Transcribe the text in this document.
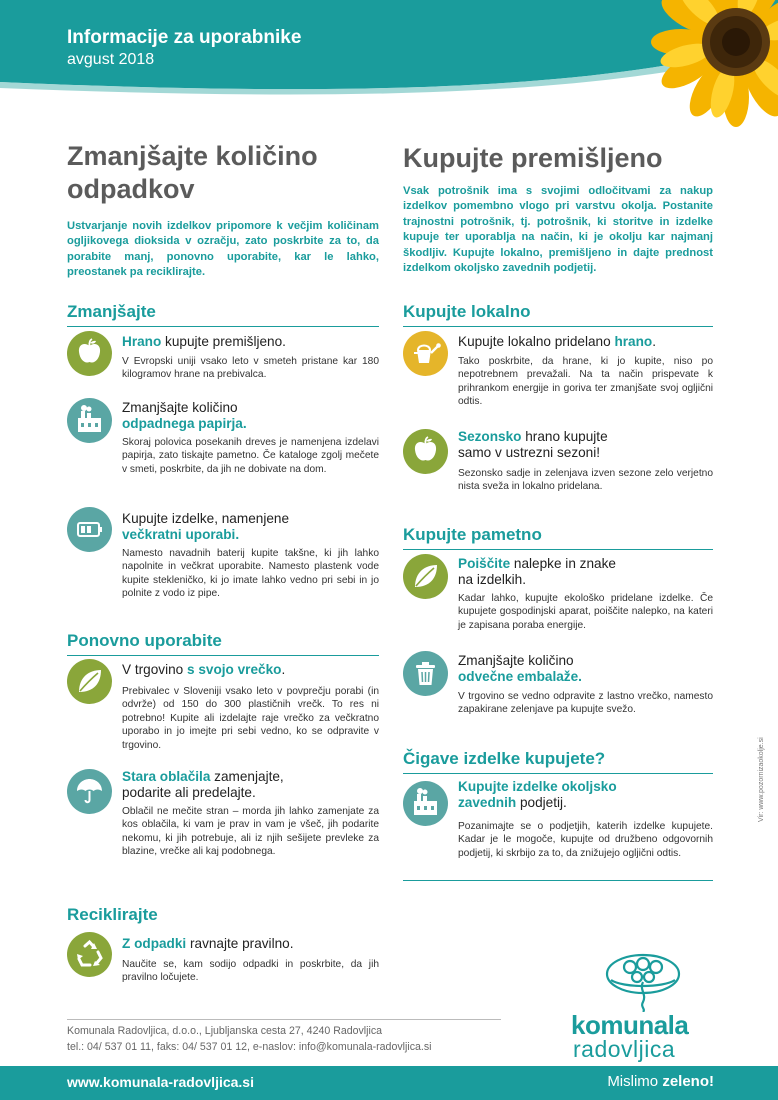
Informacije za uporabnike
avgust 2018
Zmanjšajte količino
odpadkov
Ustvarjanje novih izdelkov pripomore k večjim količinam ogljikovega dioksida v ozračju, zato poskrbite za to, da porabite manj, ponovno uporabite, kar le lahko, preostanek pa reciklirajte.
Zmanjšajte
Hrano kupujte premišljeno.
V Evropski uniji vsako leto v smeteh pristane kar 180 kilogramov hrane na prebivalca.
Zmanjšajte količino
odpadnega papirja.
Skoraj polovica posekanih dreves je namenjena izdelavi papirja, zato tiskajte pametno. Če kataloge zgolj mečete v smeti, poskrbite, da jih ne dobivate na dom.
Kupujte izdelke, namenjene
večkratni uporabi.
Namesto navadnih baterij kupite takšne, ki jih lahko napolnite in večkrat uporabite. Namesto plastenk vode kupite stekleničko, ki jo imate lahko vedno pri sebi in jo polnite z vodo iz pipe.
Ponovno uporabite
V trgovino s svojo vrečko.
Prebivalec v Sloveniji vsako leto v povprečju porabi (in odvrže) od 150 do 300 plastičnih vrečk. To res ni potrebno! Kupite ali izdelajte raje vrečko za večkratno uporabo in jo imejte pri sebi vedno, ko se odpravite v trgovino.
Stara oblačila zamenjajte,
podarite ali predelajte.
Oblačil ne mečite stran – morda jih lahko zamenjate za kos oblačila, ki vam je prav in vam je všeč, jih podarite nekomu, ki jih potrebuje, ali iz njih sešijete prevleke za blazine, vrečke ali kaj podobnega.
Reciklirajte
Z odpadki ravnajte pravilno.
Naučite se, kam sodijo odpadki in poskrbite, da jih pravilno ločujete.
Kupujte premišljeno
Vsak potrošnik ima s svojimi odločitvami za nakup izdelkov pomembno vlogo pri varstvu okolja. Postanite trajnostni potrošnik, tj. potrošnik, ki storitve in izdelke kupuje ter uporablja na način, ki je okolju kar najmanj škodljiv. Kupujte lokalno, premišljeno in dajte prednost izdelkom okoljsko zavednih podjetij.
Kupujte lokalno
Kupujte lokalno pridelano hrano.
Tako poskrbite, da hrane, ki jo kupite, niso po nepotrebnem prevažali. Na ta način prispevate k prihrankom energije in goriva ter zmanjšate svoj ogljični odtis.
Sezonsko hrano kupujte
samo v ustrezni sezoni!
Sezonsko sadje in zelenjava izven sezone zelo verjetno nista sveža in lokalno pridelana.
Kupujte pametno
Poiščite nalepke in znake
na izdelkih.
Kadar lahko, kupujte ekološko pridelane izdelke. Če kupujete gospodinjski aparat, poiščite nalepko, na kateri je zapisana poraba energije.
Zmanjšajte količino
odvečne embalaže.
V trgovino se vedno odpravite z lastno vrečko, namesto zapakirane zelenjave pa kupujte svežo.
Čigave izdelke kupujete?
Kupujte izdelke okoljsko
zavednih podjetij.
Pozanimajte se o podjetjih, katerih izdelke kupujete. Kadar je le mogoče, kupujte od družbeno odgovornih podjetij, ki skrbijo za to, da znižujejo ogljični odtis.
Vir: www.pozornizaokolje.si
komunala
radovljica
Komunala Radovljica, d.o.o., Ljubljanska cesta 27, 4240 Radovljica
tel.: 04/ 537 01 11, faks: 04/ 537 01 12, e-naslov: info@komunala-radovljica.si
www.komunala-radovljica.si	Mislimo zeleno!
